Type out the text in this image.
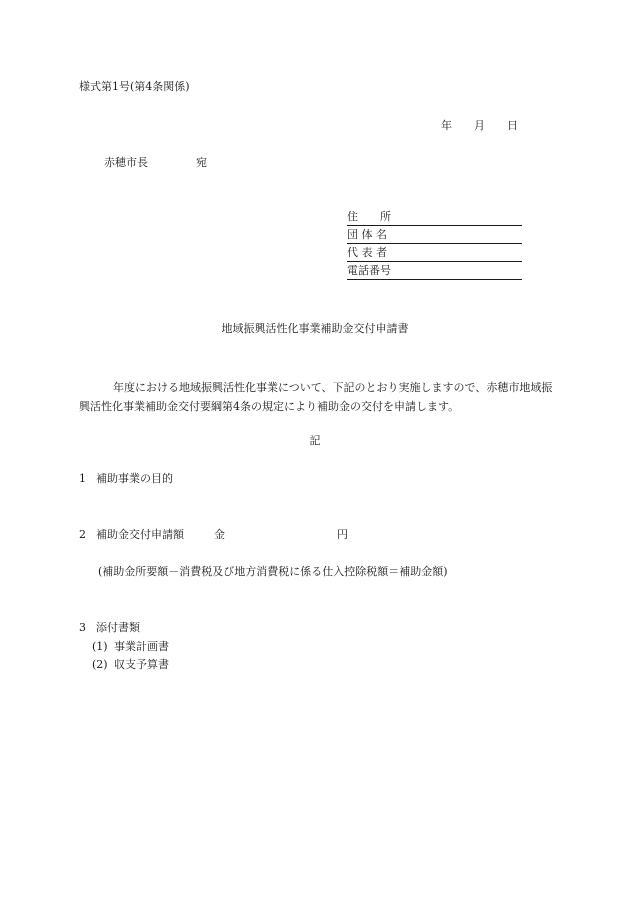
様式第1号(第4条関係)
年 月 日
赤穂市長	宛
住　　所
団 体 名
代 表 者
電話番号
地域振興活性化事業補助金交付申請書
年度における地域振興活性化事業について、下記のとおり実施しますので、赤穂市地域振興活性化事業補助金交付要綱第4条の規定により補助金の交付を申請します。
記
1 補助事業の目的
2 補助金交付申請額	金	円
(補助金所要額－消費税及び地方消費税に係る仕入控除税額＝補助金額)
3 添付書類
(1) 事業計画書
(2) 収支予算書
